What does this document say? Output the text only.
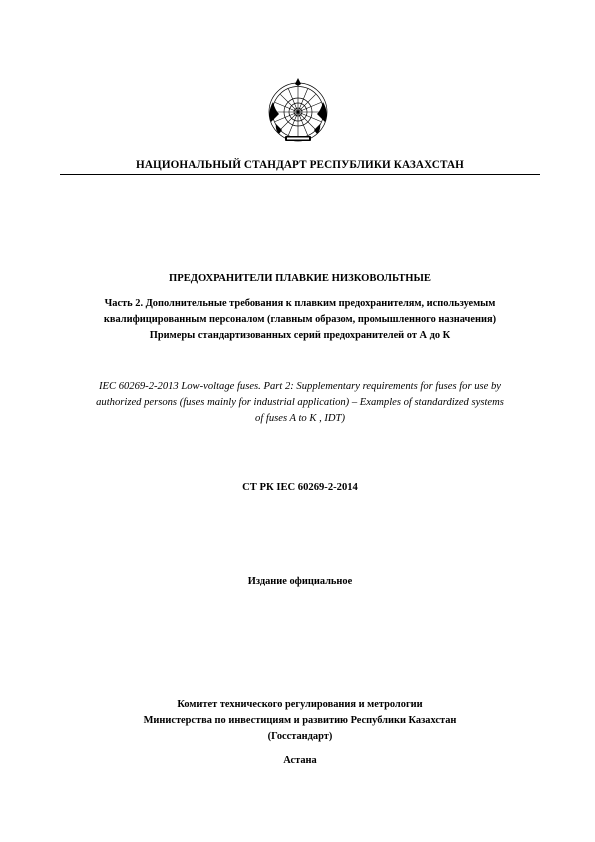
НАЦИОНАЛЬНЫЙ СТАНДАРТ РЕСПУБЛИКИ КАЗАХСТАН
ПРЕДОХРАНИТЕЛИ ПЛАВКИЕ НИЗКОВОЛЬТНЫЕ
Часть 2. Дополнительные требования к плавким предохранителям, используемым
квалифицированным персоналом (главным образом, промышленного назначения)
Примеры стандартизованных серий предохранителей от А до К
IEC 60269-2-2013 Low-voltage fuses. Part 2: Supplementary requirements for fuses for use by
authorized persons (fuses mainly for industrial application) – Examples of standardized systems
of fuses A to K , IDT)
СТ РК IEC 60269-2-2014
Издание официальное
Комитет технического регулирования и метрологии
Министерства по инвестициям и развитию Республики Казахстан
(Госстандарт)
Астана
